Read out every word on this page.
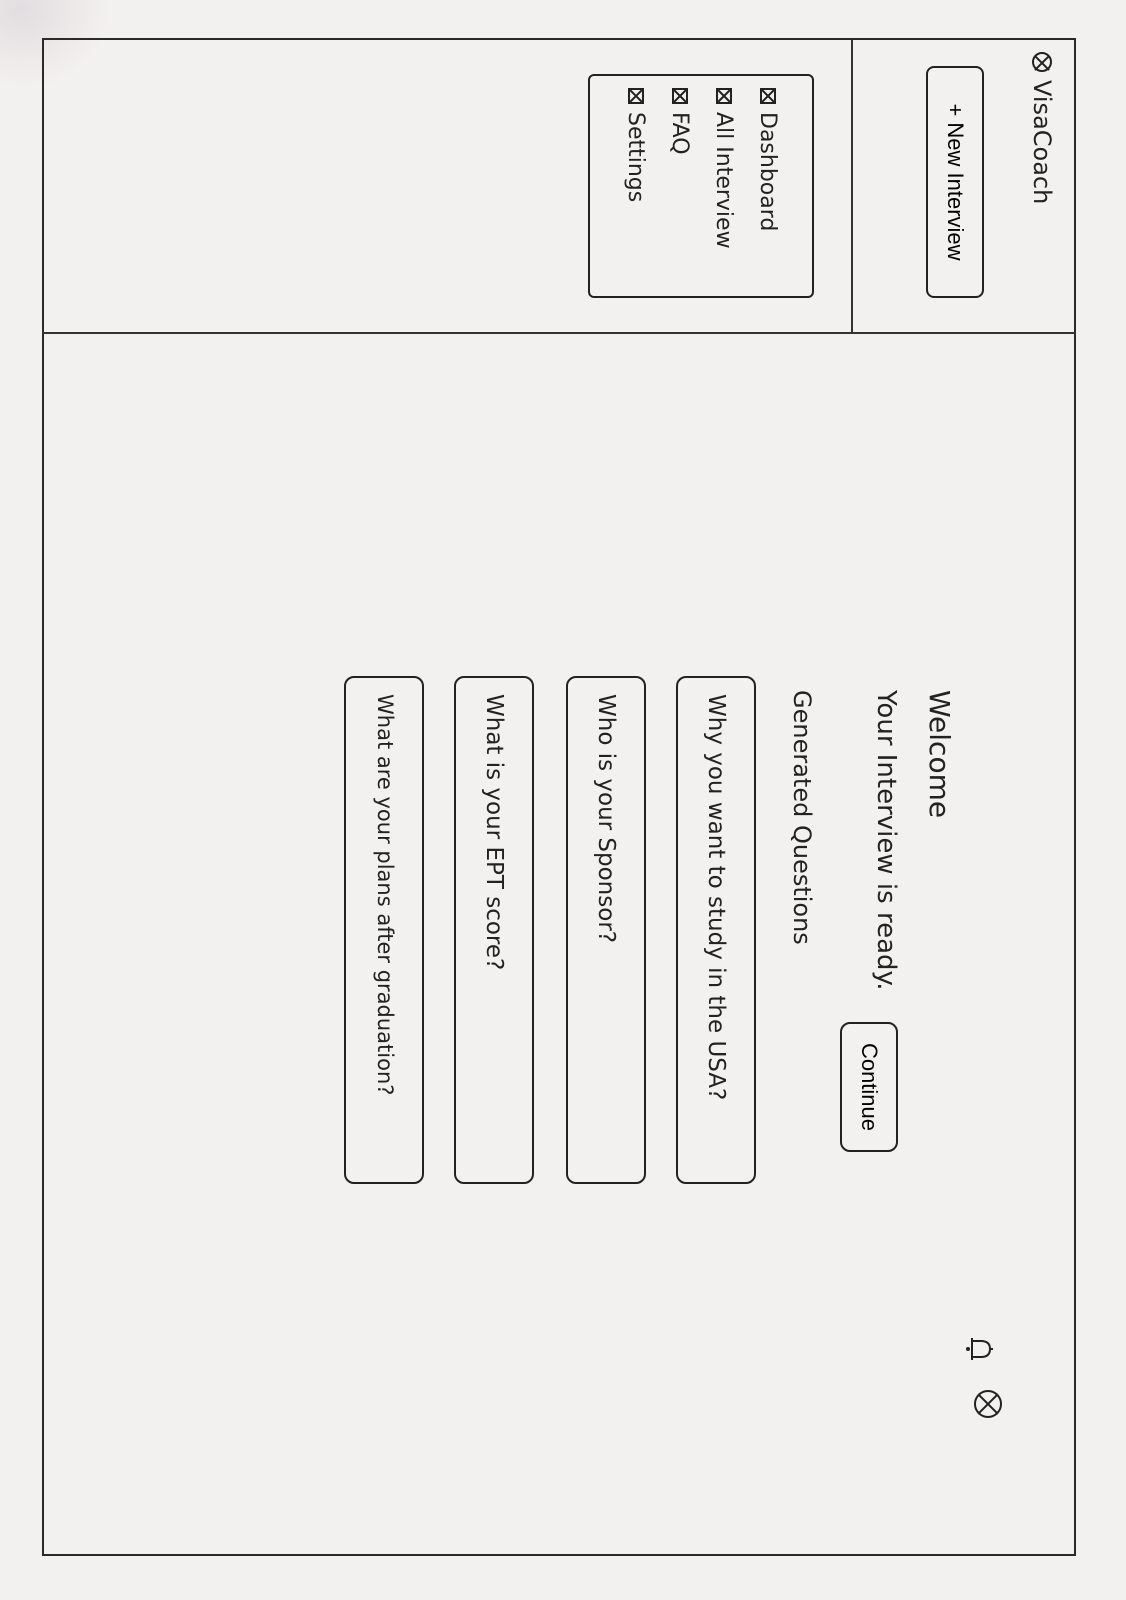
VisaCoach
+ New Interview
Dashboard
All Interview
FAQ
Settings
Welcome
Your Interview is ready.
Generated Questions
Why you want to study in the USA?
Who is your Sponsor?
What is your EPT score?
What are your plans after graduation?	Continue
